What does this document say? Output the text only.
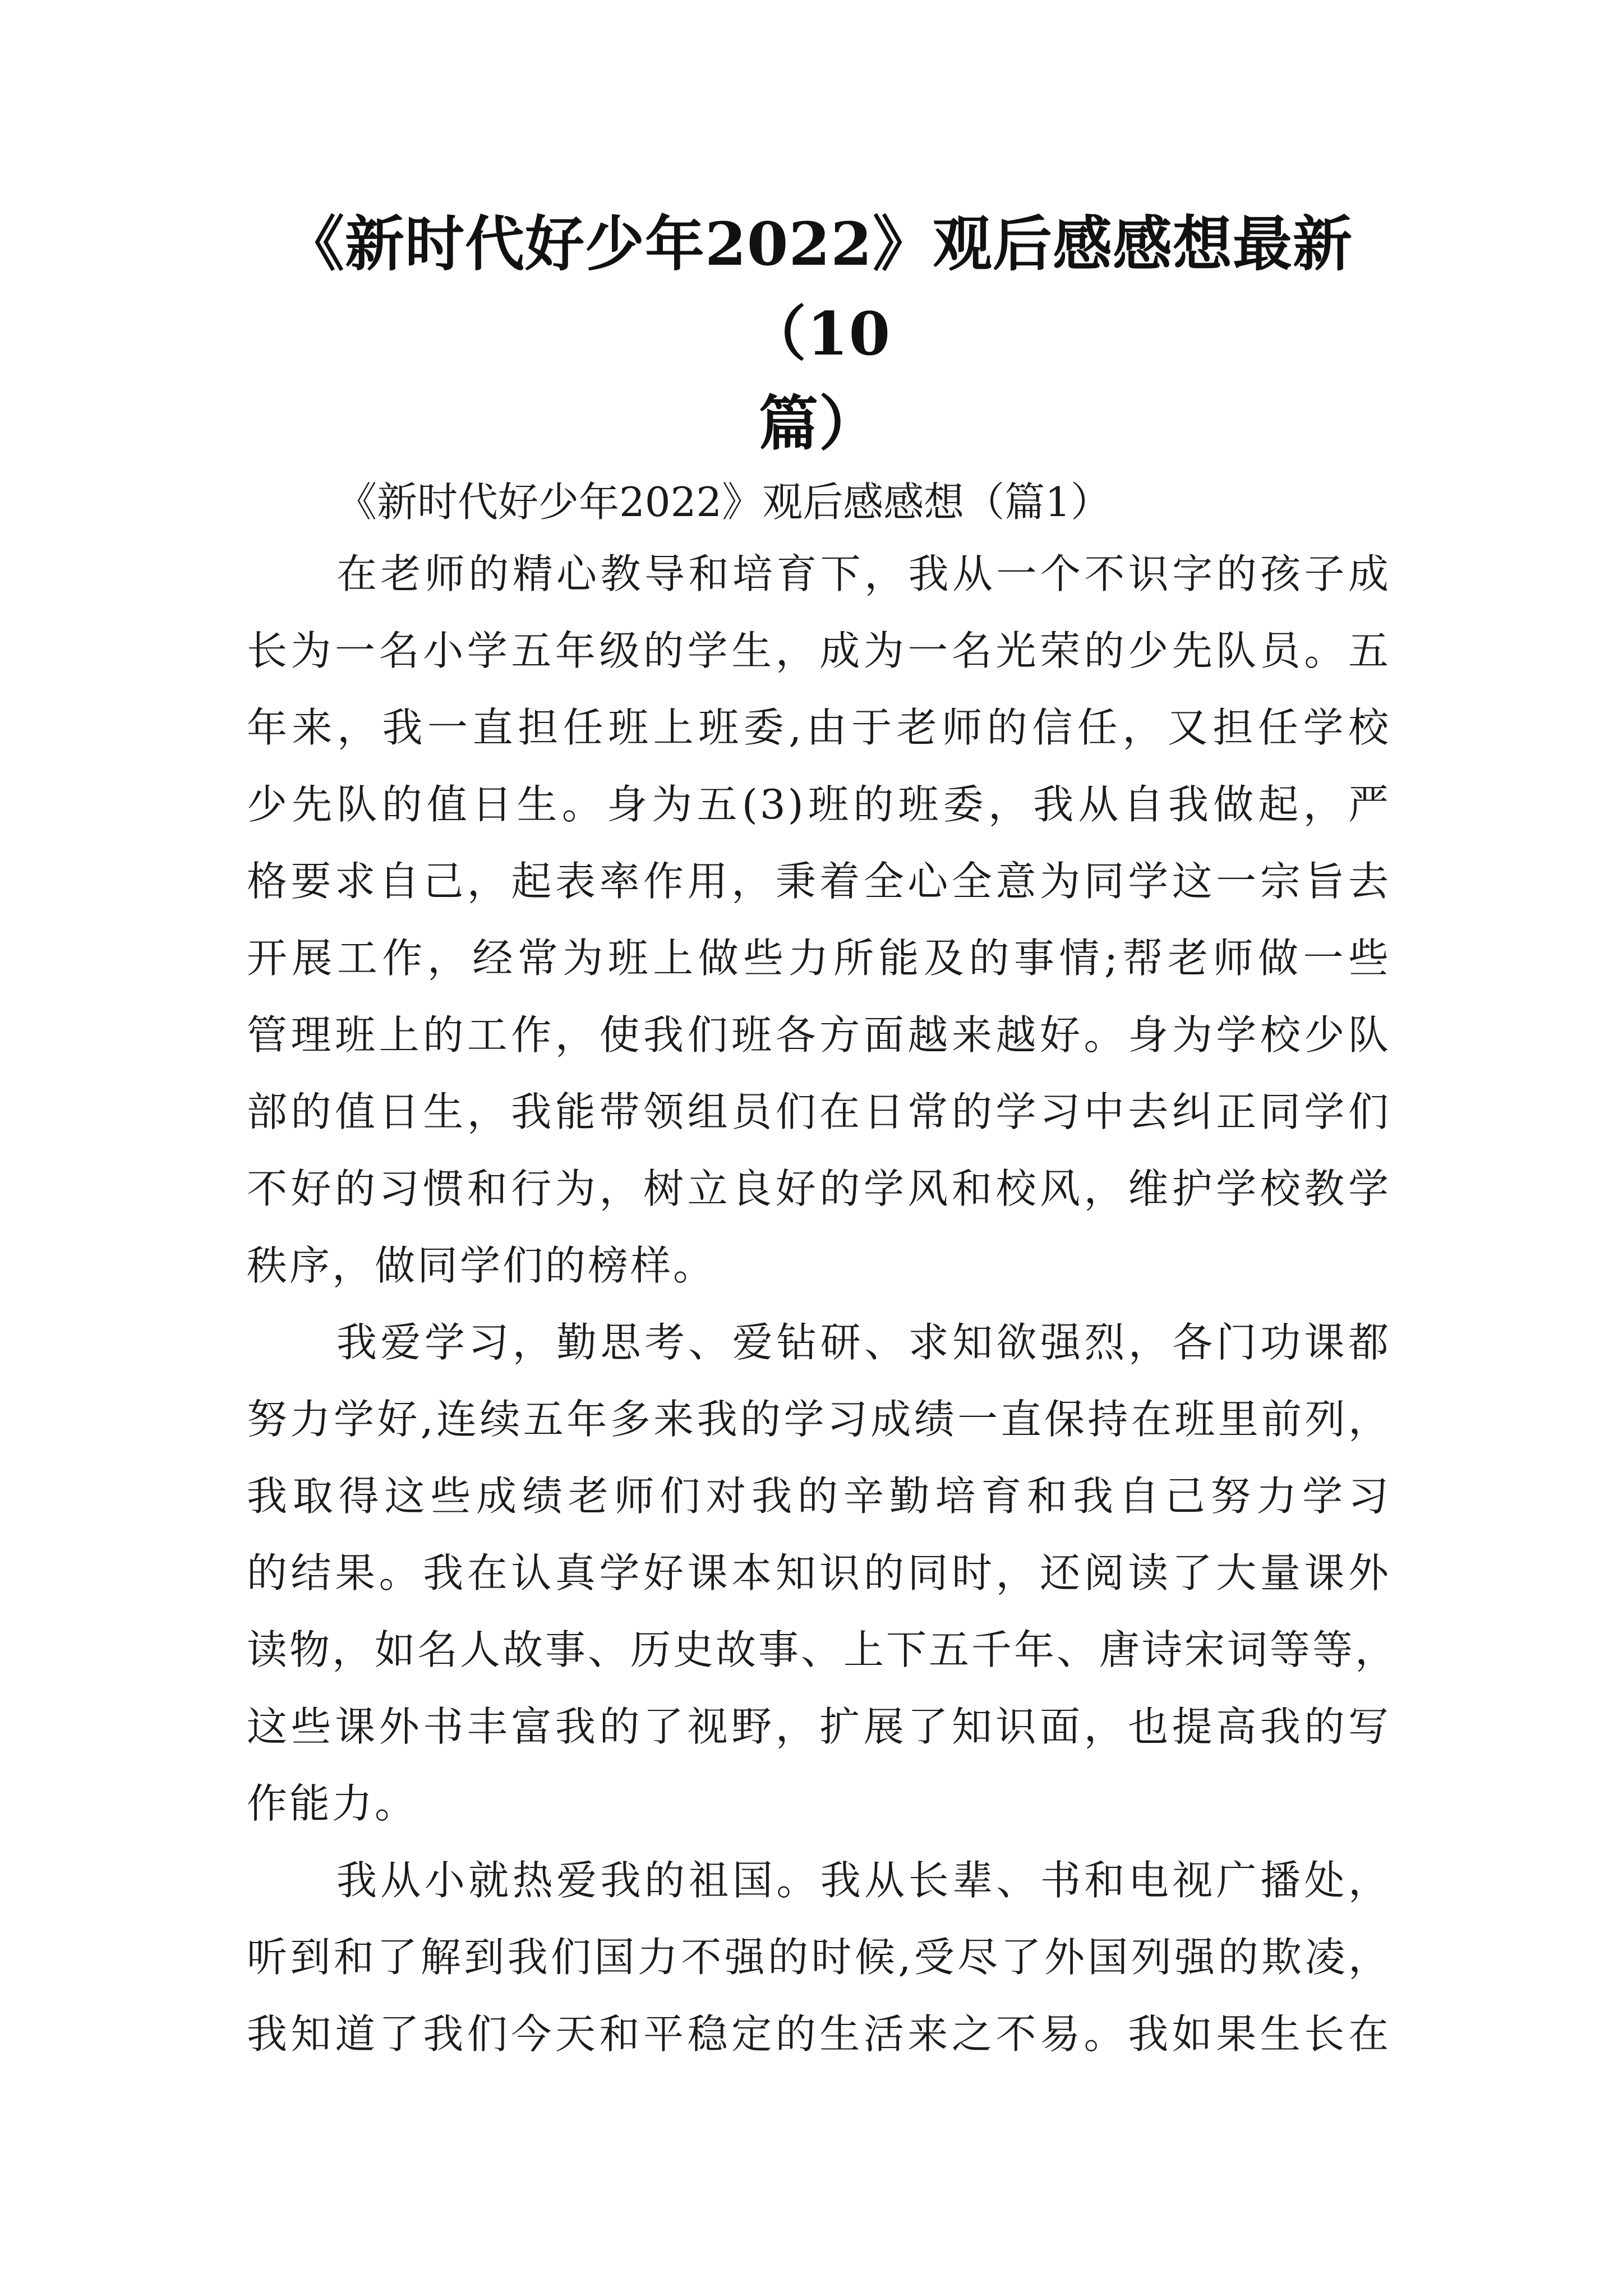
《新时代好少年2022》观后感感想最新（10
篇）

《新时代好少年2022》观后感感想（篇1）

在老师的精心教导和培育下，我从一个不识字的孩子成
长为一名小学五年级的学生，成为一名光荣的少先队员。五
年来，我一直担任班上班委,由于老师的信任，又担任学校
少先队的值日生。身为五(3)班的班委，我从自我做起，严
格要求自己，起表率作用，秉着全心全意为同学这一宗旨去
开展工作，经常为班上做些力所能及的事情;帮老师做一些
管理班上的工作，使我们班各方面越来越好。身为学校少队
部的值日生，我能带领组员们在日常的学习中去纠正同学们
不好的习惯和行为，树立良好的学风和校风，维护学校教学
秩序，做同学们的榜样。

我爱学习，勤思考、爱钻研、求知欲强烈，各门功课都
努力学好,连续五年多来我的学习成绩一直保持在班里前列，
我取得这些成绩老师们对我的辛勤培育和我自己努力学习
的结果。我在认真学好课本知识的同时，还阅读了大量课外
读物，如名人故事、历史故事、上下五千年、唐诗宋词等等，
这些课外书丰富我的了视野，扩展了知识面，也提高我的写
作能力。

我从小就热爱我的祖国。我从长辈、书和电视广播处，
听到和了解到我们国力不强的时候,受尽了外国列强的欺凌，
我知道了我们今天和平稳定的生活来之不易。我如果生长在
